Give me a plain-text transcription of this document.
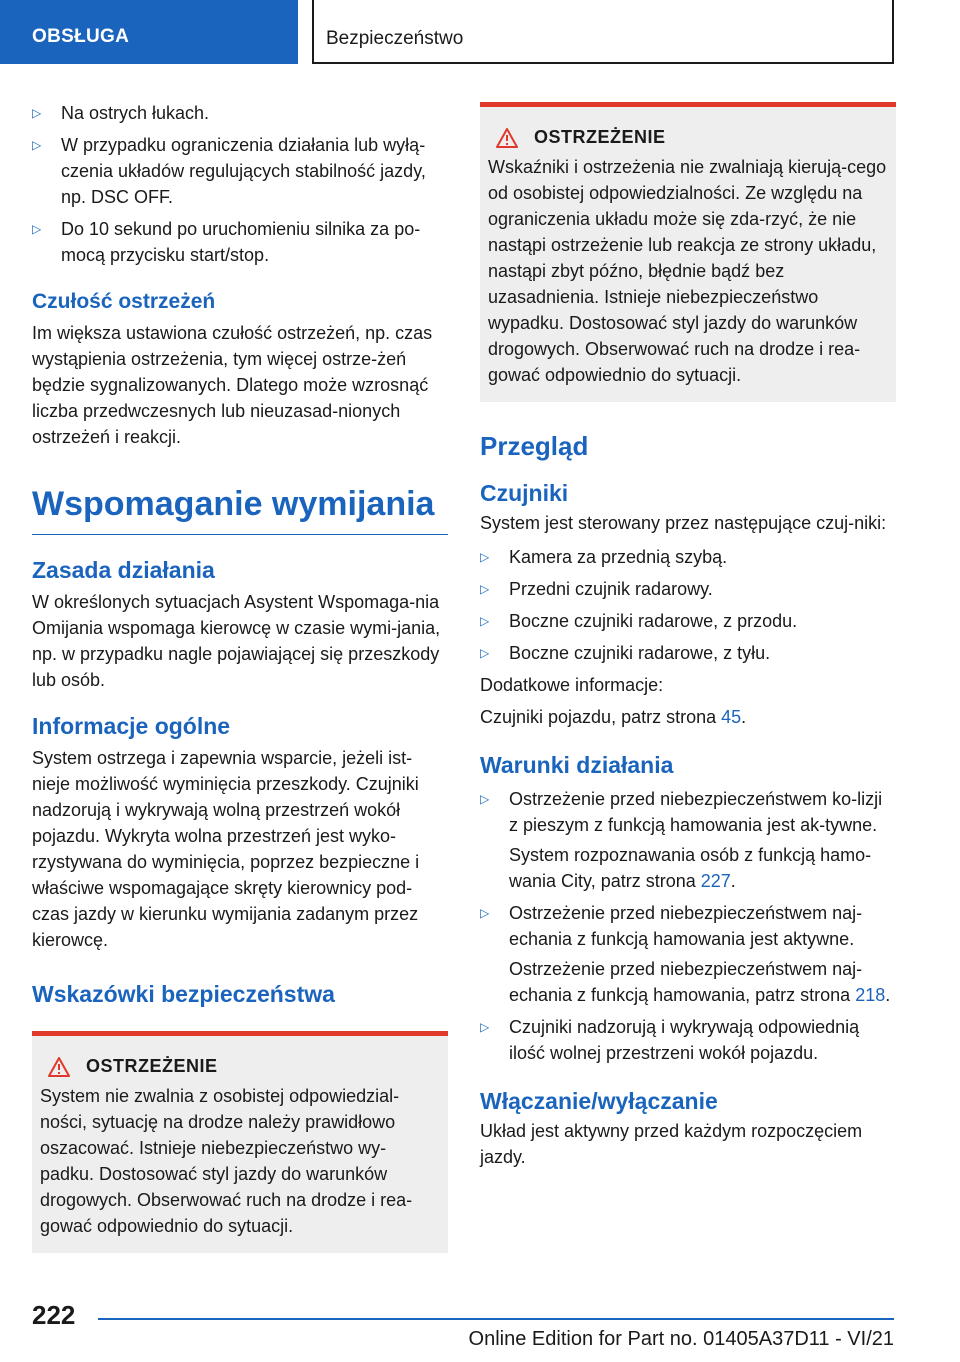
OBSŁUGA	Bezpieczeństwo
▷ Na ostrych łukach.
▷ W przypadku ograniczenia działania lub wyłą-czenia układów regulujących stabilność jazdy, np. DSC OFF.
▷ Do 10 sekund po uruchomieniu silnika za po-mocą przycisku start/stop.
Czułość ostrzeżeń

Im większa ustawiona czułość ostrzeżeń, np. czas wystąpienia ostrzeżenia, tym więcej ostrze-żeń będzie sygnalizowanych. Dlatego może wzrosnąć liczba przedwczesnych lub nieuzasad-nionych ostrzeżeń i reakcji.

Wspomaganie wymijania
Zasada działania

W określonych sytuacjach Asystent Wspomaga-nia Omijania wspomaga kierowcę w czasie wymi-jania, np. w przypadku nagle pojawiającej się przeszkody lub osób.

Informacje ogólne

System ostrzega i zapewnia wsparcie, jeżeli ist-nieje możliwość wyminięcia przeszkody. Czujniki nadzorują i wykrywają wolną przestrzeń wokół pojazdu. Wykryta wolna przestrzeń jest wyko-rzystywana do wyminięcia, poprzez bezpieczne i właściwe wspomagające skręty kierownicy pod-czas jazdy w kierunku wymijania zadanym przez kierowcę.

Wskazówki bezpieczeństwa
OSTRZEŻENIE

System nie zwalnia z osobistej odpowiedzial-ności, sytuację na drodze należy prawidłowo oszacować. Istnieje niebezpieczeństwo wy-padku. Dostosować styl jazdy do warunków drogowych. Obserwować ruch na drodze i rea-gować odpowiednio do sytuacji.

OSTRZEŻENIE

Wskaźniki i ostrzeżenia nie zwalniają kierują-cego od osobistej odpowiedzialności. Ze względu na ograniczenia układu może się zda-rzyć, że nie nastąpi ostrzeżenie lub reakcja ze strony układu, nastąpi zbyt późno, błędnie bądź bez uzasadnienia. Istnieje niebezpieczeństwo wypadku. Dostosować styl jazdy do warunków drogowych. Obserwować ruch na drodze i rea-gować odpowiednio do sytuacji.

Przegląd
Czujniki

System jest sterowany przez następujące czuj-niki:

▷ Kamera za przednią szybą.
▷ Przedni czujnik radarowy.
▷ Boczne czujniki radarowe, z przodu.
▷ Boczne czujniki radarowe, z tyłu.

Dodatkowe informacje:

Czujniki pojazdu, patrz strona 45.

Warunki działania
▷ Ostrzeżenie przed niebezpieczeństwem ko-lizji z pieszym z funkcją hamowania jest ak-tywne.

System rozpoznawania osób z funkcją hamo-wania City, patrz strona 227.

▷ Ostrzeżenie przed niebezpieczeństwem naj-echania z funkcją hamowania jest aktywne.

Ostrzeżenie przed niebezpieczeństwem naj-echania z funkcją hamowania, patrz strona 218.

▷ Czujniki nadzorują i wykrywają odpowiednią ilość wolnej przestrzeni wokół pojazdu.
Włączanie/wyłączanie

Układ jest aktywny przed każdym rozpoczęciem jazdy.

222
Online Edition for Part no. 01405A37D11 - VI/21
